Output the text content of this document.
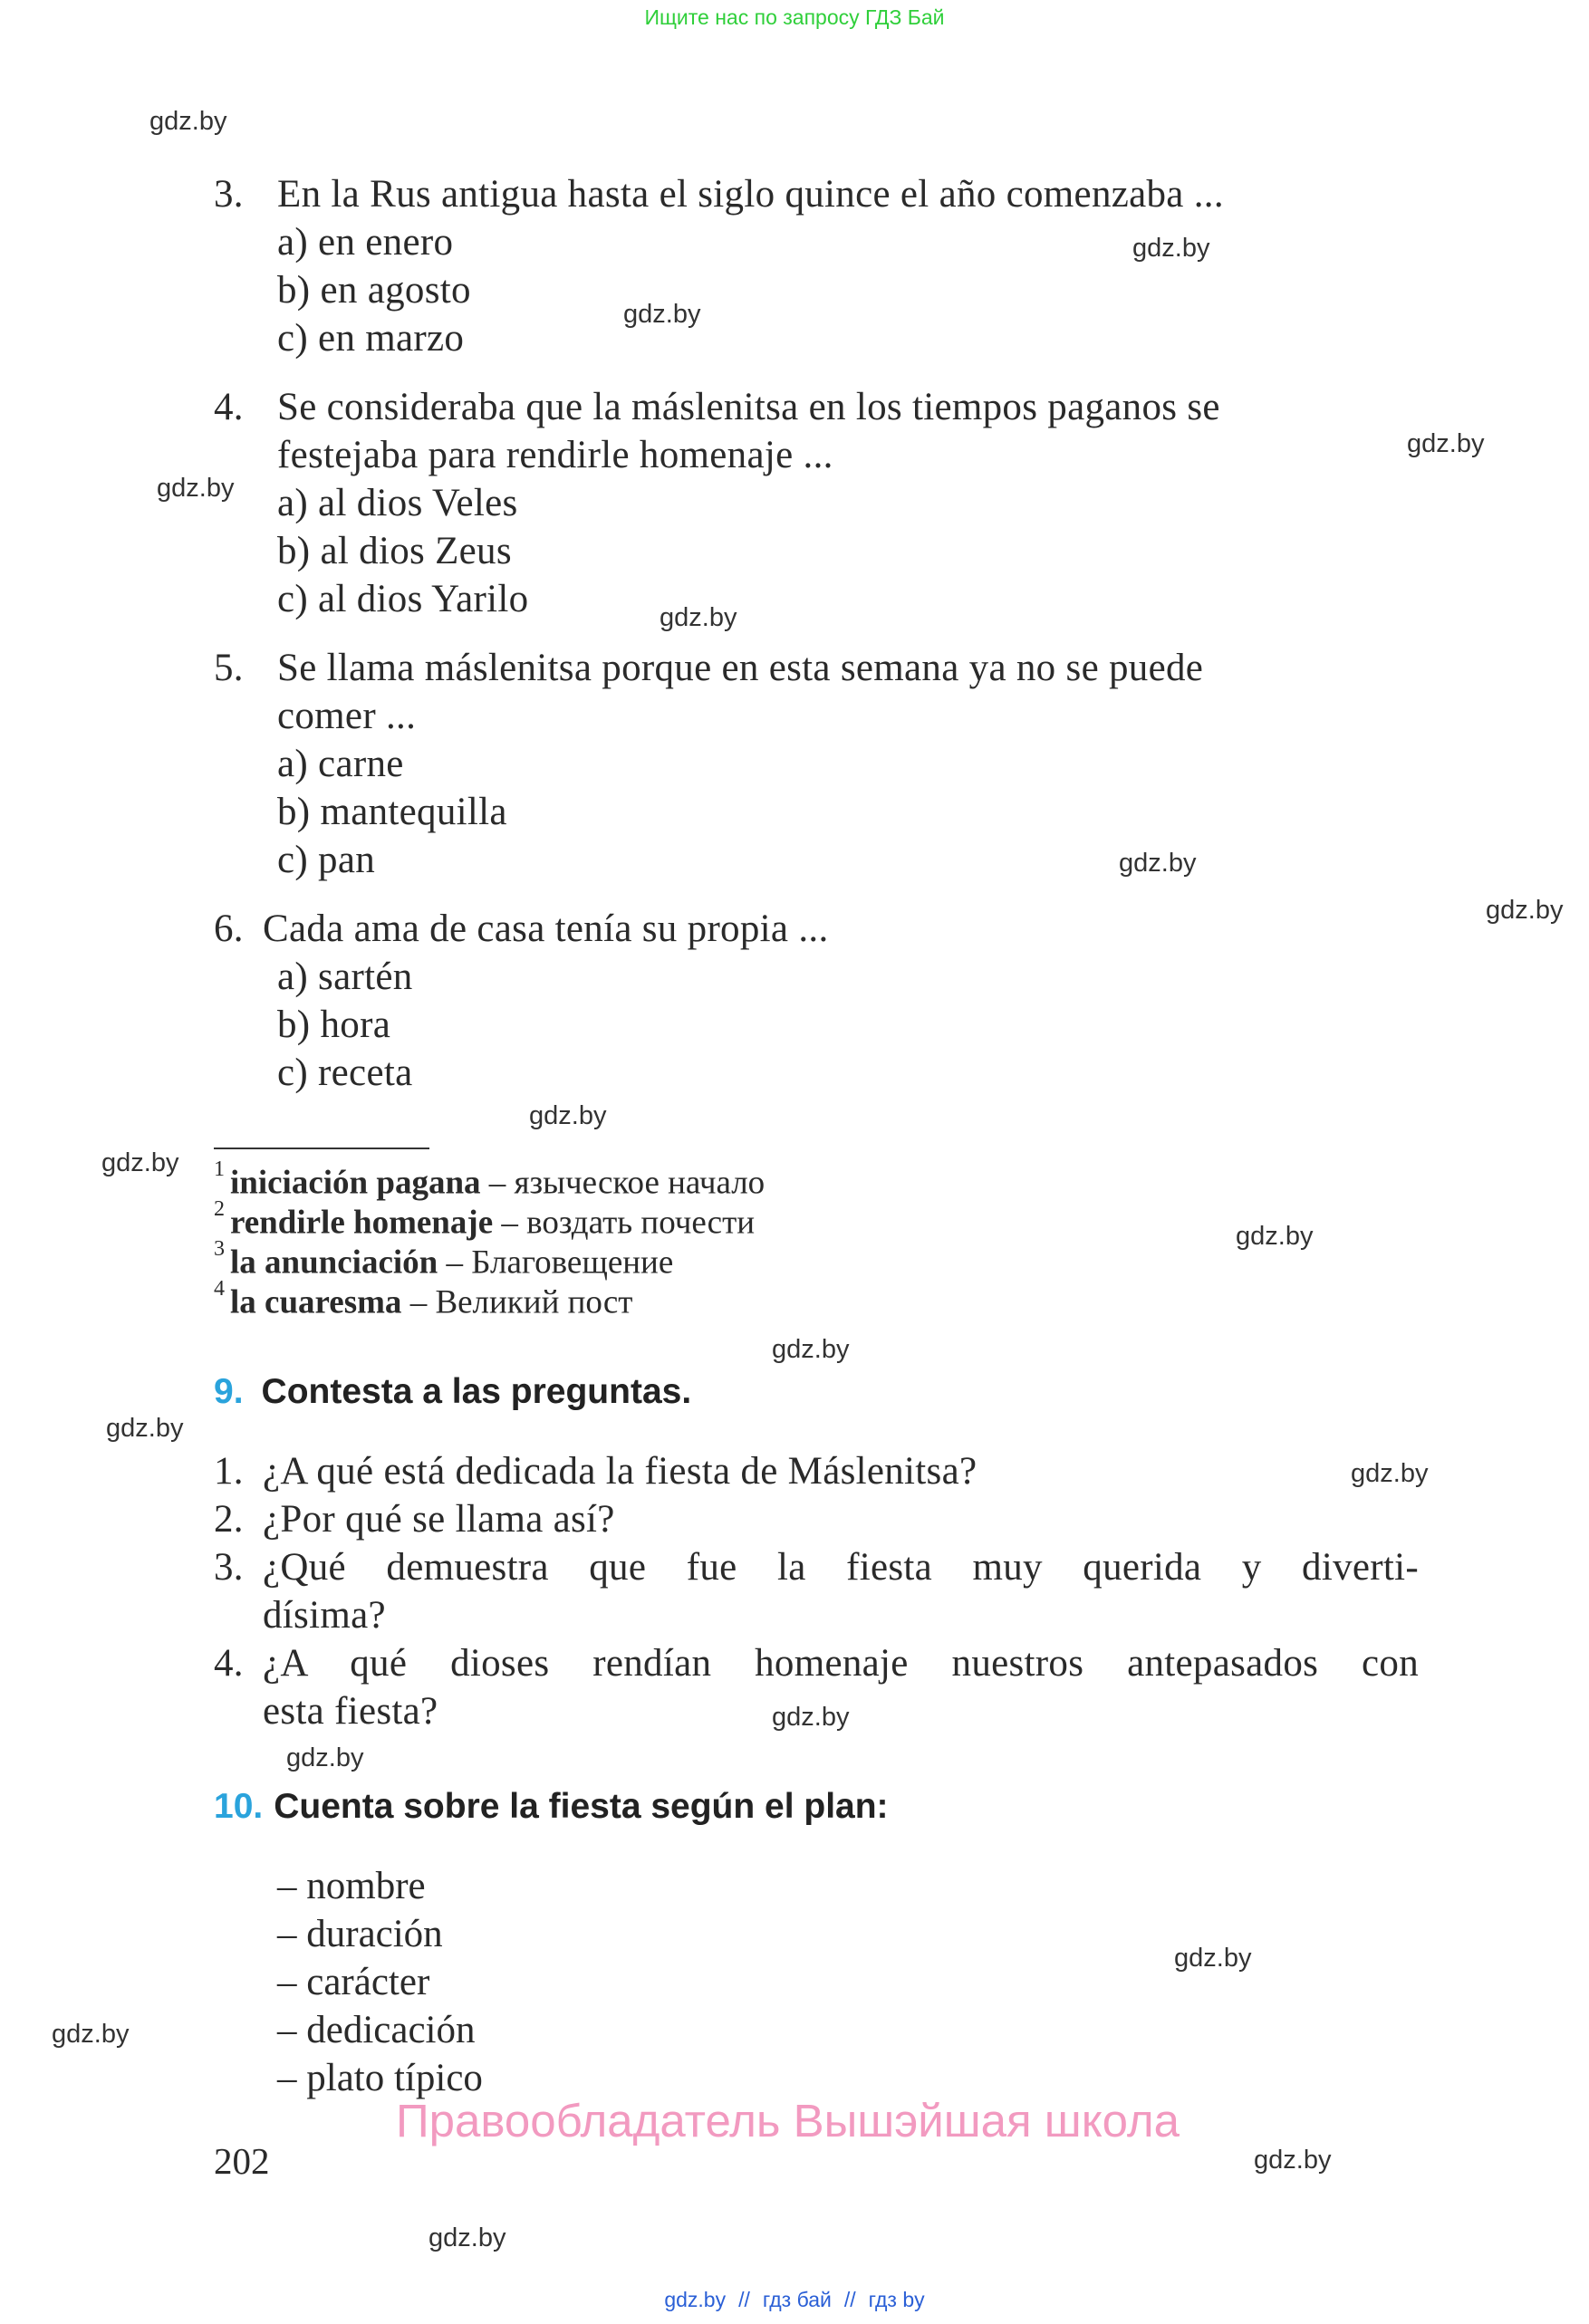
Ищите нас по запросу ГДЗ Бай
3. En la Rus antigua hasta el siglo quince el año comenzaba ...
a) en enero
b) en agosto
c) en marzo
4. Se consideraba que la máslenitsa en los tiempos paganos se
festejaba para rendirle homenaje ...
a) al dios Veles
b) al dios Zeus
c) al dios Yarilo
5. Se llama máslenitsa porque en esta semana ya no se puede
comer ...
a) carne
b) mantequilla
c) pan
6. Cada ama de casa tenía su propia ...
a) sartén
b) hora
c) receta
$^1$ iniciación pagana – языческое начало
$^2$ rendirle homenaje – воздать почести
$^3$ la anunciación – Благовещение
$^4$ la cuaresma – Великий пост
9. Contesta a las preguntas.
1. ¿A qué está dedicada la fiesta de Máslenitsa?
2. ¿Por qué se llama así?
3. ¿Qué demuestra que fue la fiesta muy querida y diverti-
dísima?
4. ¿A qué dioses rendían homenaje nuestros antepasados con
esta fiesta?
10. Cuenta sobre la fiesta según el plan:
– nombre
– duración
– carácter
– dedicación
– plato típico
Правообладатель Вышэйшая школа
202
gdz.by
gdz.by
gdz.by
gdz.by
gdz.by
gdz.by
gdz.by
gdz.by
gdz.by
gdz.by
gdz.by
gdz.by
gdz.by
gdz.by
gdz.by
gdz.by
gdz.by
gdz.by
gdz.by
gdz.by
gdz.by // гдз бай // гдз by
